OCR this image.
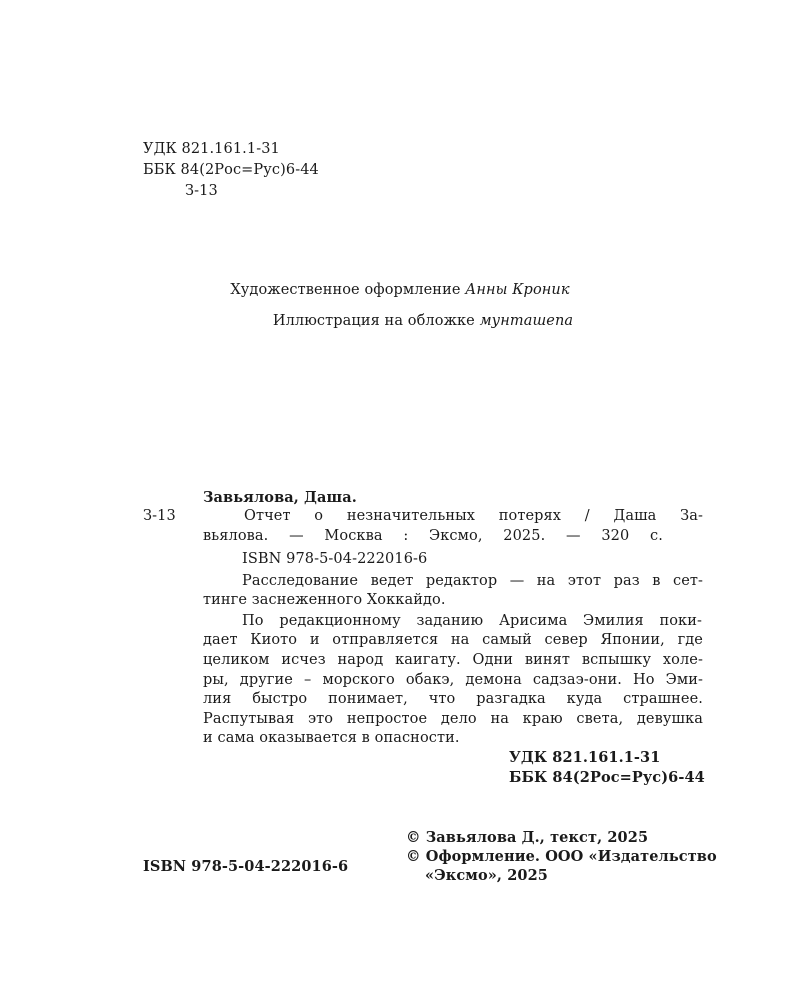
УДК 821.161.1-31
ББК 84(2Рос=Рус)6-44
З-13
Художественное оформление Анны Кроник
Иллюстрация на обложке мунташепа
Завьялова, Даша.
З-13	Отчет о незначительных потерях / Даша За-
вьялова. — Москва : Эксмо, 2025. — 320 с.
ISBN 978-5-04-222016-6
Расследование ведет редактор — на этот раз в сет-
тинге заснеженного Хоккайдо.
По редакционному заданию Арисима Эмилия поки-
дает Киото и отправляется на самый север Японии, где
целиком исчез народ каигату. Одни винят вспышку холе-
ры, другие – морского обакэ, демона садзаэ-они. Но Эми-
лия быстро понимает, что разгадка куда страшнее.
Распутывая это непростое дело на краю света, девушка
и сама оказывается в опасности.
УДК 821.161.1-31
ББК 84(2Рос=Рус)6-44
© Завьялова Д., текст, 2025
© Оформление. ООО «Издательство
ISBN 978-5-04-222016-6
«Эксмо», 2025
